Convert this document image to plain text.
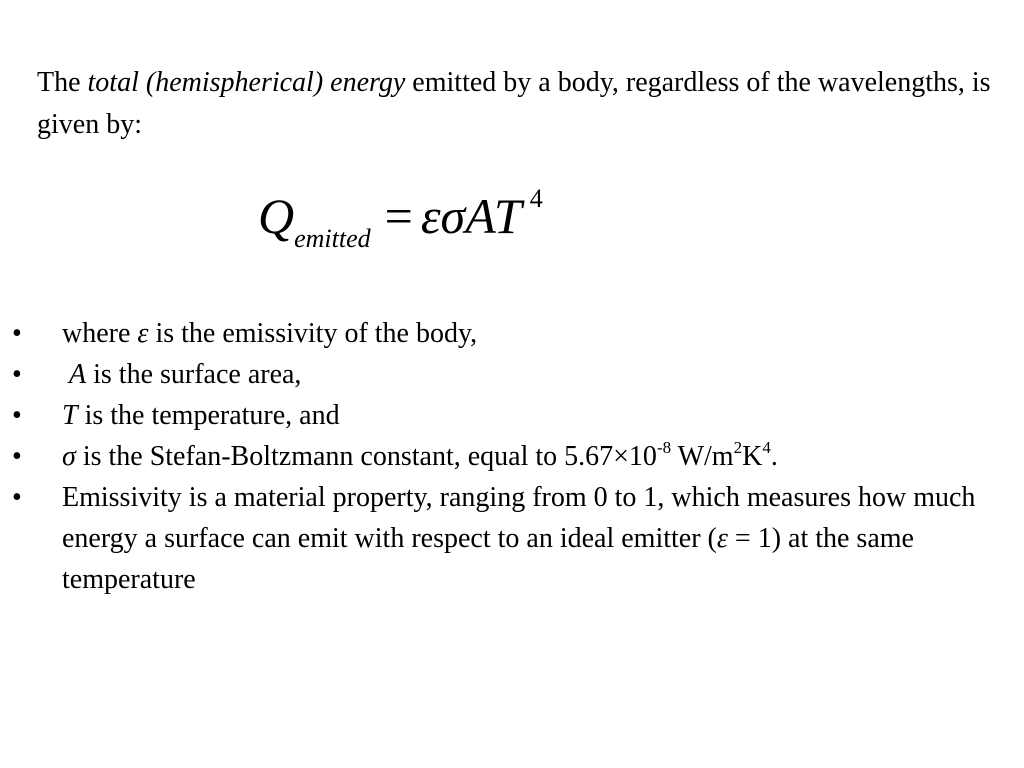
The total (hemispherical) energy emitted by a body, regardless of the wavelengths, is given by:

$Q_{emitted} = \varepsilon\sigma AT$ $^4$
• where ε is the emissivity of the body,
• A is the surface area,
• T is the temperature, and
• σ is the Stefan-Boltzmann constant, equal to $5.67\times 10^{-8}$ $W/m^2K^4$.
• Emissivity is a material property, ranging from 0 to 1, which measures how much energy a surface can emit with respect to an ideal emitter (ε = 1) at the same temperature
